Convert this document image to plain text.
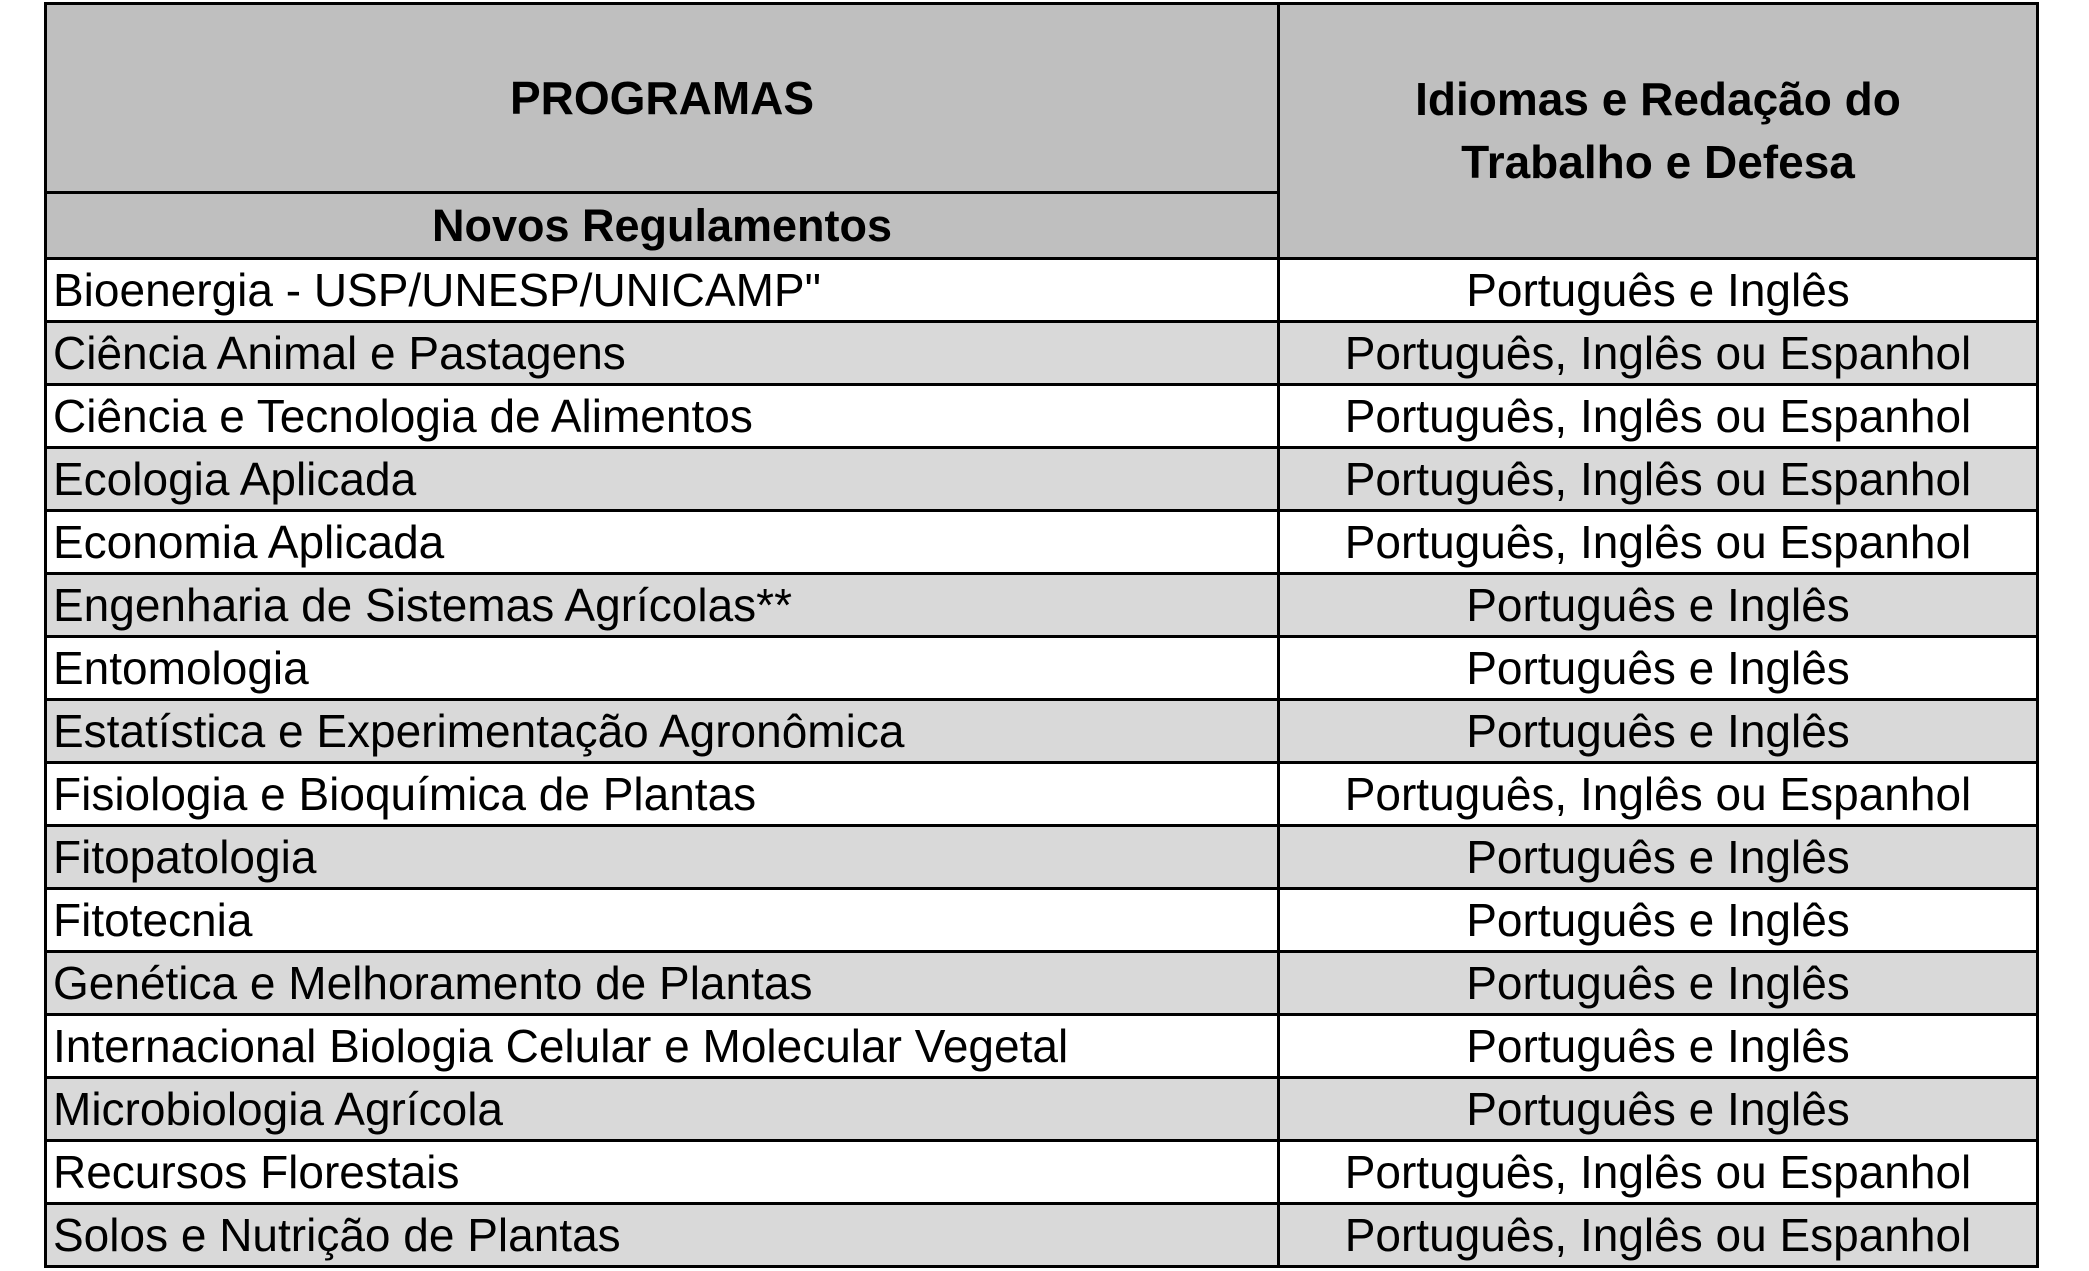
PROGRAMAS	Idiomas e Redação do
Trabalho e Defesa
Novos Regulamentos	
Bioenergia - USP/UNESP/UNICAMP"	Português e Inglês
Ciência Animal e Pastagens	Português, Inglês ou Espanhol
Ciência e Tecnologia de Alimentos	Português, Inglês ou Espanhol
Ecologia Aplicada	Português, Inglês ou Espanhol
Economia Aplicada	Português, Inglês ou Espanhol
Engenharia de Sistemas Agrícolas**	Português e Inglês
Entomologia	Português e Inglês
Estatística e Experimentação Agronômica	Português e Inglês
Fisiologia e Bioquímica de Plantas	Português, Inglês ou Espanhol
Fitopatologia	Português e Inglês
Fitotecnia	Português e Inglês
Genética e Melhoramento de Plantas	Português e Inglês
Internacional Biologia Celular e Molecular Vegetal	Português e Inglês
Microbiologia Agrícola	Português e Inglês
Recursos Florestais	Português, Inglês ou Espanhol
Solos e Nutrição de Plantas	Português, Inglês ou Espanhol
